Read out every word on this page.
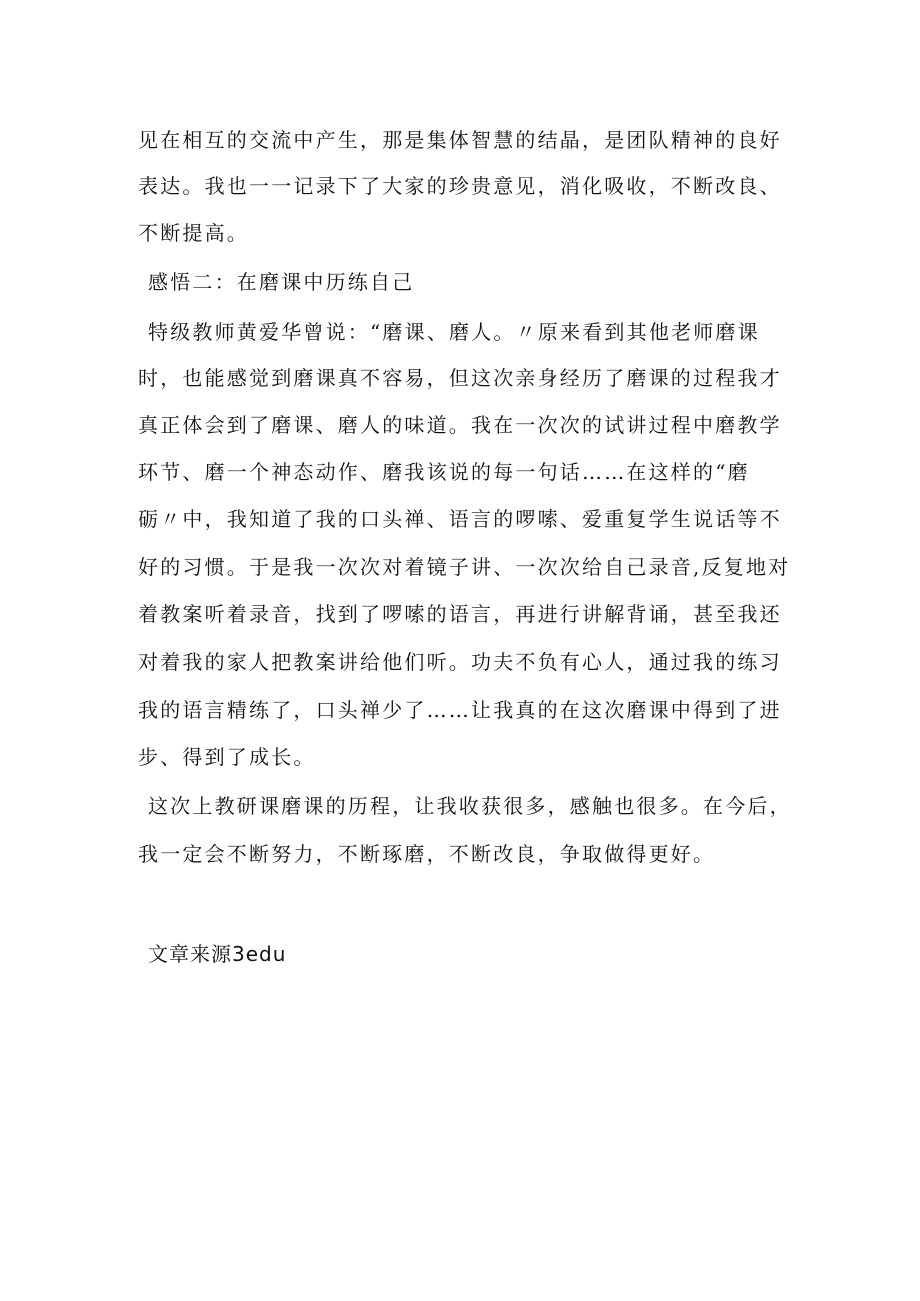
见在相互的交流中产生，那是集体智慧的结晶，是团队精神的良好
表达。我也一一记录下了大家的珍贵意见，消化吸收，不断改良、
不断提高。
感悟二：在磨课中历练自己
特级教师黄爱华曾说：“磨课、磨人。〃原来看到其他老师磨课
时，也能感觉到磨课真不容易，但这次亲身经历了磨课的过程我才
真正体会到了磨课、磨人的味道。我在一次次的试讲过程中磨教学
环节、磨一个神态动作、磨我该说的每一句话……在这样的“磨
砺〃中，我知道了我的口头禅、语言的啰嗦、爱重复学生说话等不
好的习惯。于是我一次次对着镜子讲、一次次给自己录音,反复地对
着教案听着录音，找到了啰嗦的语言，再进行讲解背诵，甚至我还
对着我的家人把教案讲给他们听。功夫不负有心人，通过我的练习
我的语言精练了，口头禅少了……让我真的在这次磨课中得到了进
步、得到了成长。
这次上教研课磨课的历程，让我收获很多，感触也很多。在今后，
我一定会不断努力，不断琢磨，不断改良，争取做得更好。
文章来源3edu
